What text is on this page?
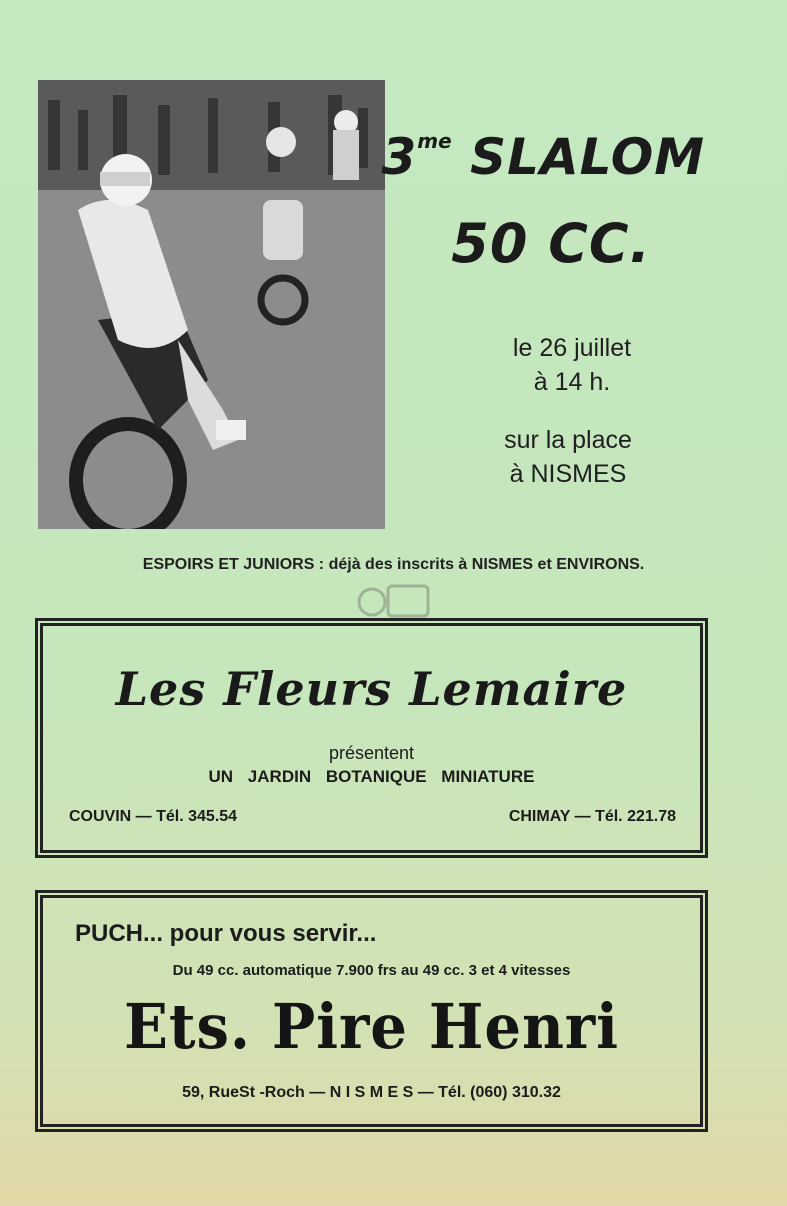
$3^{me}$ SLALOM
50 CC.
le 26 juillet
à 14 h.
sur la place
à NISMES
ESPOIRS ET JUNIORS : déjà des inscrits à NISMES et ENVIRONS.
Les Fleurs Lemaire
présentent
UN JARDIN BOTANIQUE MINIATURE
COUVIN — Tél. 345.54	CHIMAY — Tél. 221.78
PUCH... pour vous servir...
Du 49 cc. automatique 7.900 frs au 49 cc. 3 et 4 vitesses
Ets. Pire Henri
59, RueSt -Roch — N I S M E S — Tél. (060) 310.32
